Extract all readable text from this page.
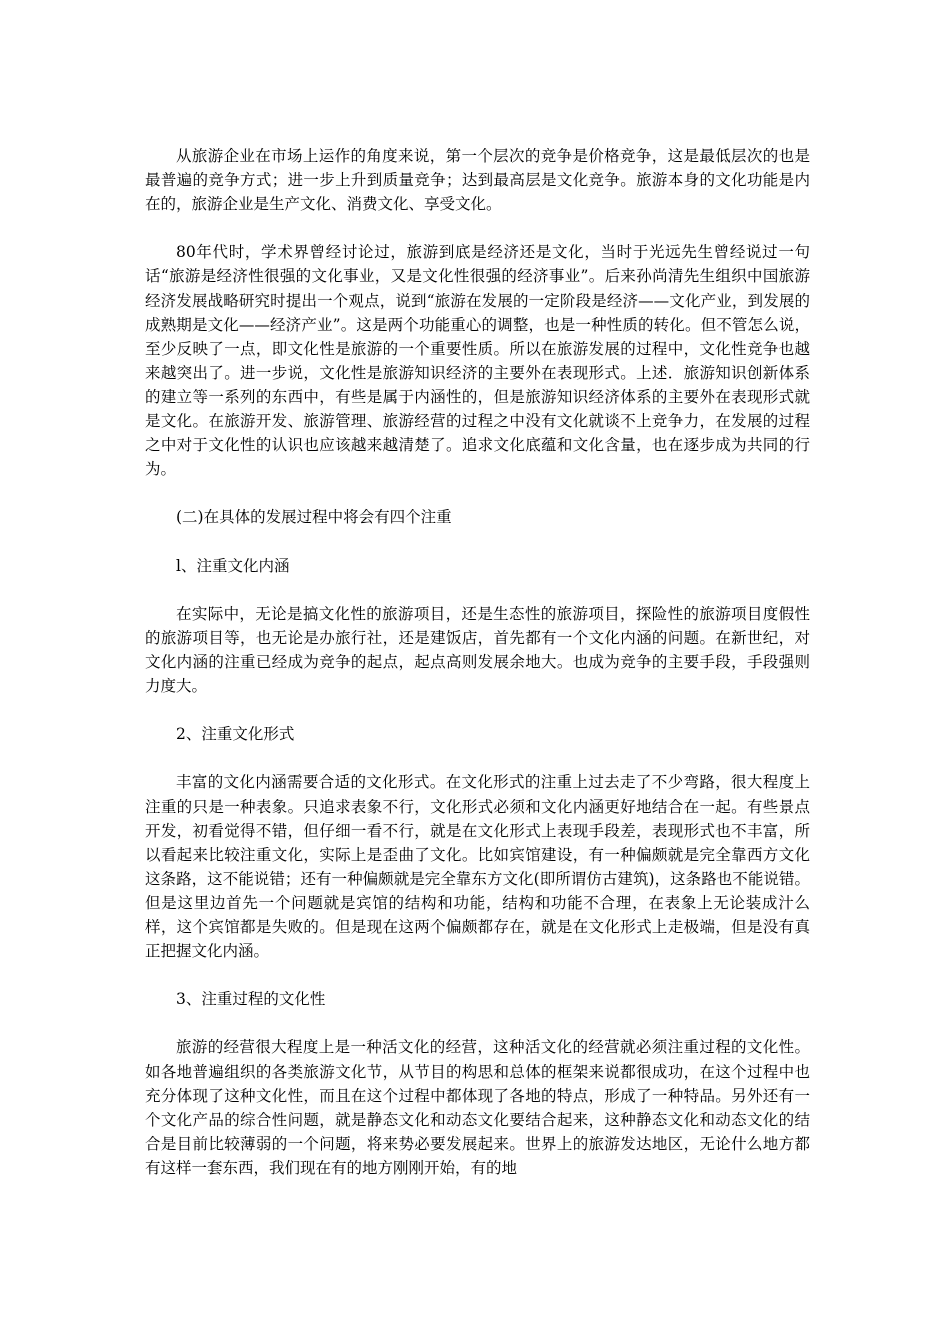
从旅游企业在市场上运作的角度来说，第一个层次的竞争是价格竞争，这是最低层次的也是最普遍的竞争方式；进一步上升到质量竞争；达到最高层是文化竞争。旅游本身的文化功能是内在的，旅游企业是生产文化、消费文化、享受文化。

80年代时，学术界曾经讨论过，旅游到底是经济还是文化，当时于光远先生曾经说过一句话“旅游是经济性很强的文化事业，又是文化性很强的经济事业”。后来孙尚清先生组织中国旅游经济发展战略研究时提出一个观点，说到“旅游在发展的一定阶段是经济——文化产业，到发展的成熟期是文化——经济产业”。这是两个功能重心的调整，也是一种性质的转化。但不管怎么说，至少反映了一点，即文化性是旅游的一个重要性质。所以在旅游发展的过程中，文化性竞争也越来越突出了。进一步说，文化性是旅游知识经济的主要外在表现形式。上述．旅游知识创新体系的建立等一系列的东西中，有些是属于内涵性的，但是旅游知识经济体系的主要外在表现形式就是文化。在旅游开发、旅游管理、旅游经营的过程之中没有文化就谈不上竞争力，在发展的过程之中对于文化性的认识也应该越来越清楚了。追求文化底蕴和文化含量，也在逐步成为共同的行为。

(二)在具体的发展过程中将会有四个注重

l、注重文化内涵

在实际中，无论是搞文化性的旅游项目，还是生态性的旅游项目，探险性的旅游项目度假性的旅游项目等，也无论是办旅行社，还是建饭店，首先都有一个文化内涵的问题。在新世纪，对文化内涵的注重已经成为竞争的起点，起点高则发展余地大。也成为竞争的主要手段，手段强则力度大。

2、注重文化形式

丰富的文化内涵需要合适的文化形式。在文化形式的注重上过去走了不少弯路，很大程度上注重的只是一种表象。只追求表象不行，文化形式必须和文化内涵更好地结合在一起。有些景点开发，初看觉得不错，但仔细一看不行，就是在文化形式上表现手段差，表现形式也不丰富，所以看起来比较注重文化，实际上是歪曲了文化。比如宾馆建设，有一种偏颇就是完全靠西方文化这条路，这不能说错；还有一种偏颇就是完全靠东方文化(即所谓仿古建筑)，这条路也不能说错。但是这里边首先一个问题就是宾馆的结构和功能，结构和功能不合理，在表象上无论装成汁么样，这个宾馆都是失败的。但是现在这两个偏颇都存在，就是在文化形式上走极端，但是没有真正把握文化内涵。

3、注重过程的文化性

旅游的经营很大程度上是一种活文化的经营，这种活文化的经营就必须注重过程的文化性。如各地普遍组织的各类旅游文化节，从节目的构思和总体的框架来说都很成功，在这个过程中也充分体现了这种文化性，而且在这个过程中都体现了各地的特点，形成了一种特品。另外还有一个文化产品的综合性问题，就是静态文化和动态文化要结合起来，这种静态文化和动态文化的结合是目前比较薄弱的一个问题，将来势必要发展起来。世界上的旅游发达地区，无论什么地方都有这样一套东西，我们现在有的地方刚刚开始，有的地
